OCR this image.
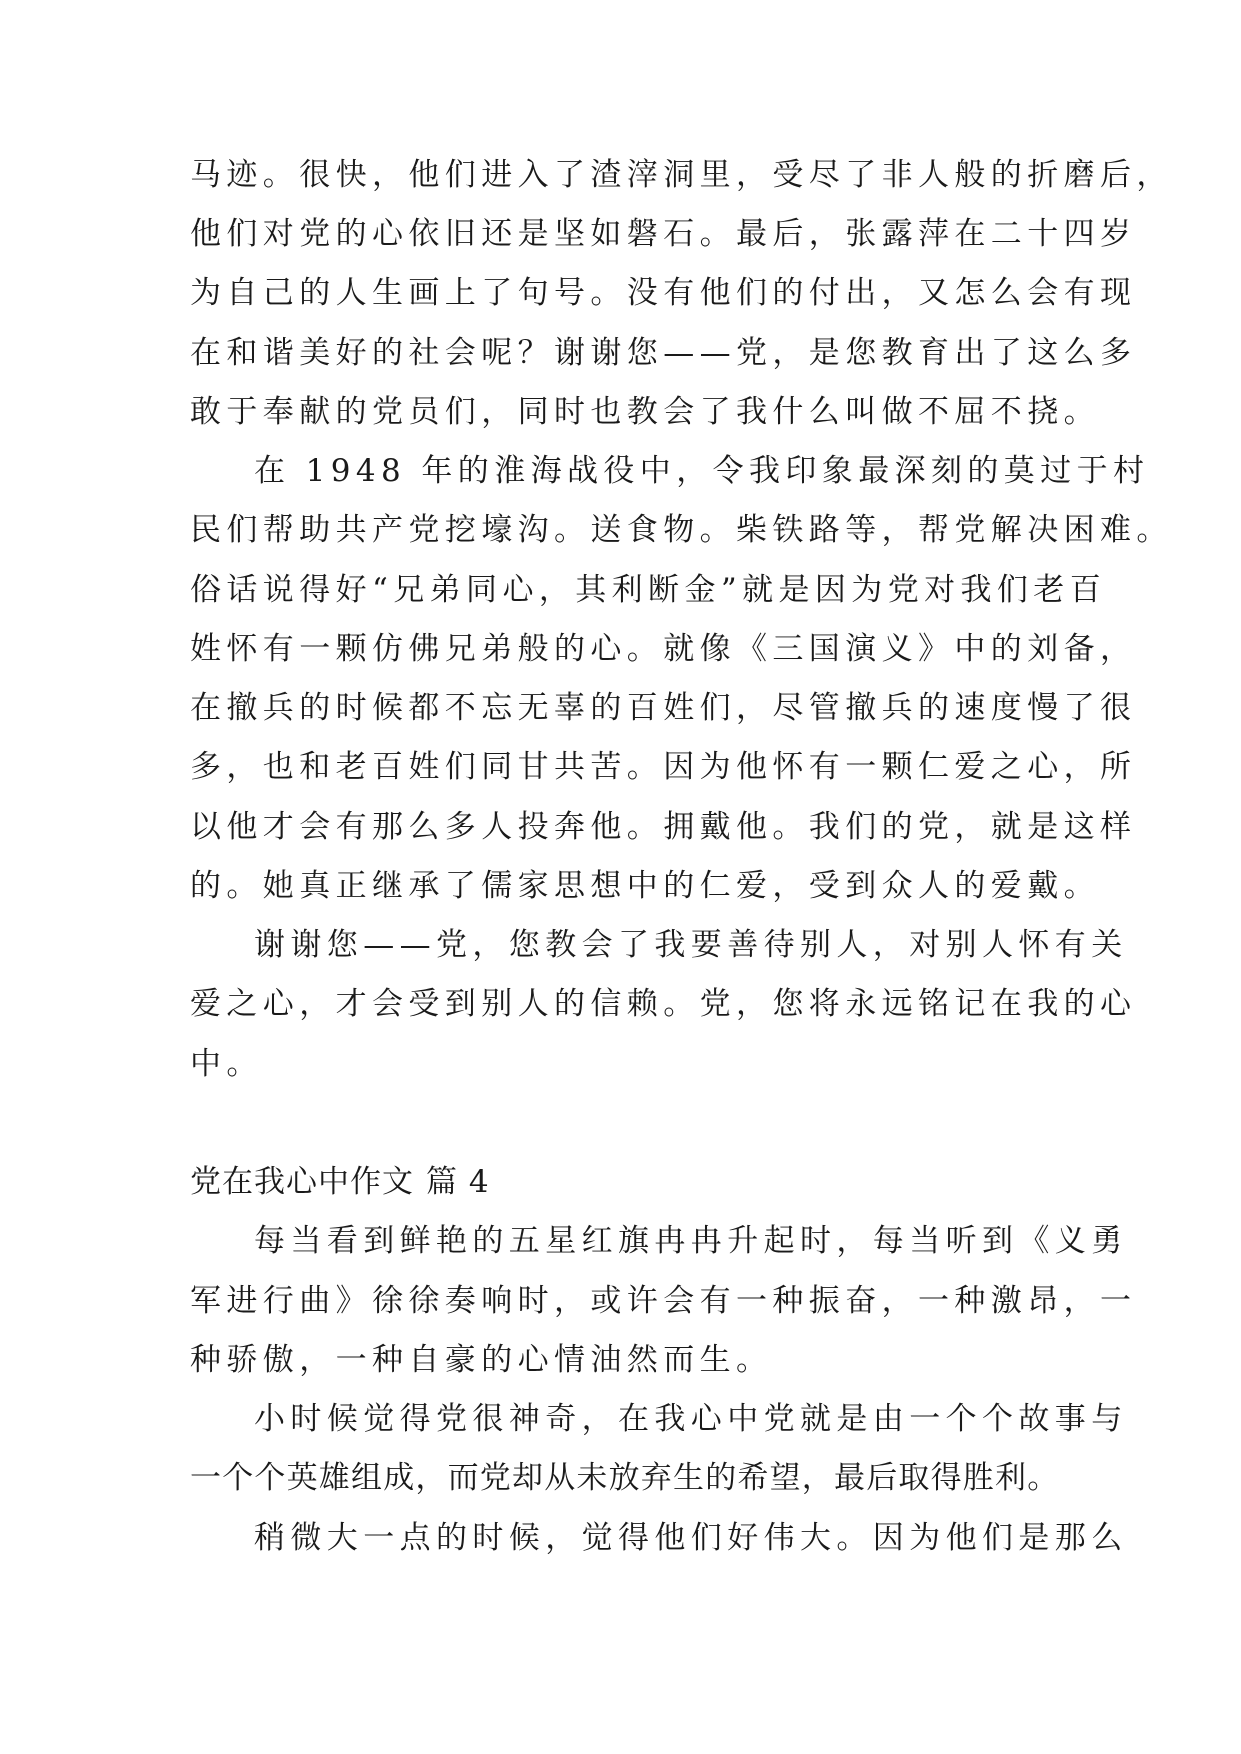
马迹。很快，他们进入了渣滓洞里，受尽了非人般的折磨后，
他们对党的心依旧还是坚如磐石。最后，张露萍在二十四岁
为自己的人生画上了句号。没有他们的付出，又怎么会有现
在和谐美好的社会呢？谢谢您——党，是您教育出了这么多
敢于奉献的党员们，同时也教会了我什么叫做不屈不挠。
在 1948 年的淮海战役中，令我印象最深刻的莫过于村
民们帮助共产党挖壕沟。送食物。柴铁路等，帮党解决困难。
俗话说得好“兄弟同心，其利断金”就是因为党对我们老百
姓怀有一颗仿佛兄弟般的心。就像《三国演义》中的刘备，
在撤兵的时候都不忘无辜的百姓们，尽管撤兵的速度慢了很
多，也和老百姓们同甘共苦。因为他怀有一颗仁爱之心，所
以他才会有那么多人投奔他。拥戴他。我们的党，就是这样
的。她真正继承了儒家思想中的仁爱，受到众人的爱戴。
谢谢您——党，您教会了我要善待别人，对别人怀有关
爱之心，才会受到别人的信赖。党，您将永远铭记在我的心
中。
党在我心中作文 篇 4
每当看到鲜艳的五星红旗冉冉升起时，每当听到《义勇
军进行曲》徐徐奏响时，或许会有一种振奋，一种激昂，一
种骄傲，一种自豪的心情油然而生。
小时候觉得党很神奇，在我心中党就是由一个个故事与
一个个英雄组成，而党却从未放弃生的希望，最后取得胜利。
稍微大一点的时候，觉得他们好伟大。因为他们是那么
